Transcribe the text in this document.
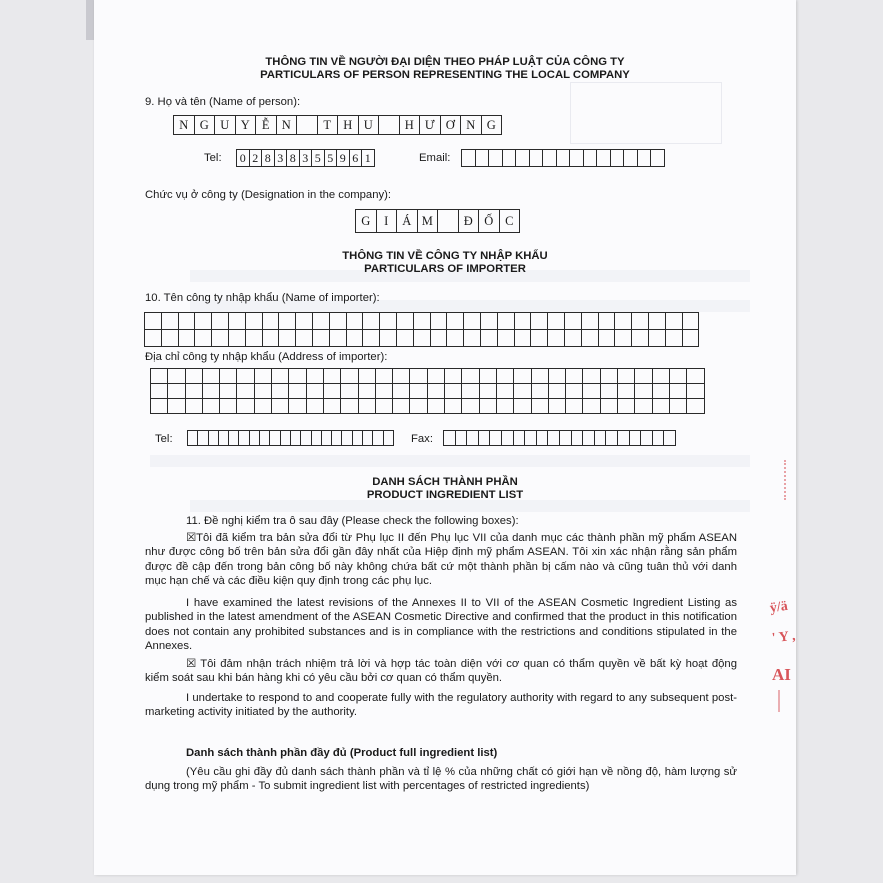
THÔNG TIN VỀ NGƯỜI ĐẠI DIỆN THEO PHÁP LUẬT CỦA CÔNG TY
PARTICULARS OF PERSON REPRESENTING THE LOCAL COMPANY
9. Họ và tên (Name of person):
N	G	U	Y	Ễ	N		T	H	U		H	Ư	Ơ	N	G
Tel: 0	2	8	3	8	3	5	5	9	6	1	Email:

Chức vụ ở công ty (Designation in the company):
G	I	Á	M		Đ	Ố	C
THÔNG TIN VỀ CÔNG TY NHẬP KHẨU
PARTICULARS OF IMPORTER
10. Tên công ty nhập khẩu (Name of importer):

Địa chỉ công ty nhập khẩu (Address of importer):

Tel:
																				Fax:

DANH SÁCH THÀNH PHẦN
PRODUCT INGREDIENT LIST
11. Đề nghị kiểm tra ô sau đây (Please check the following boxes):
☒Tôi đã kiểm tra bản sửa đổi từ Phụ lục II đến Phụ lục VII của danh mục các thành phần mỹ phẩm ASEAN như được công bố trên bản sửa đổi gần đây nhất của Hiệp định mỹ phẩm ASEAN. Tôi xin xác nhận rằng sản phẩm được đề cập đến trong bản công bố này không chứa bất cứ một thành phần bị cấm nào và cũng tuân thủ với danh mục hạn chế và các điều kiện quy định trong các phụ lục.
I have examined the latest revisions of the Annexes II to VII of the ASEAN Cosmetic Ingredient Listing as published in the latest amendment of the ASEAN Cosmetic Directive and confirmed that the product in this notification does not contain any prohibited substances and is in compliance with the restrictions and conditions stipulated in the Annexes.
☒ Tôi đảm nhận trách nhiệm trả lời và hợp tác toàn diện với cơ quan có thẩm quyền về bất kỳ hoạt động kiểm soát sau khi bán hàng khi có yêu cầu bởi cơ quan có thẩm quyền.
I undertake to respond to and cooperate fully with the regulatory authority with regard to any subsequent post-marketing activity initiated by the authority.
Danh sách thành phần đầy đủ (Product full ingredient list)
(Yêu cầu ghi đầy đủ danh sách thành phần và tỉ lệ % của những chất có giới hạn về nồng độ, hàm lượng sử dụng trong mỹ phẩm - To submit ingredient list with percentages of restricted ingredients)
ÿ/ä
' Y ,
AI
